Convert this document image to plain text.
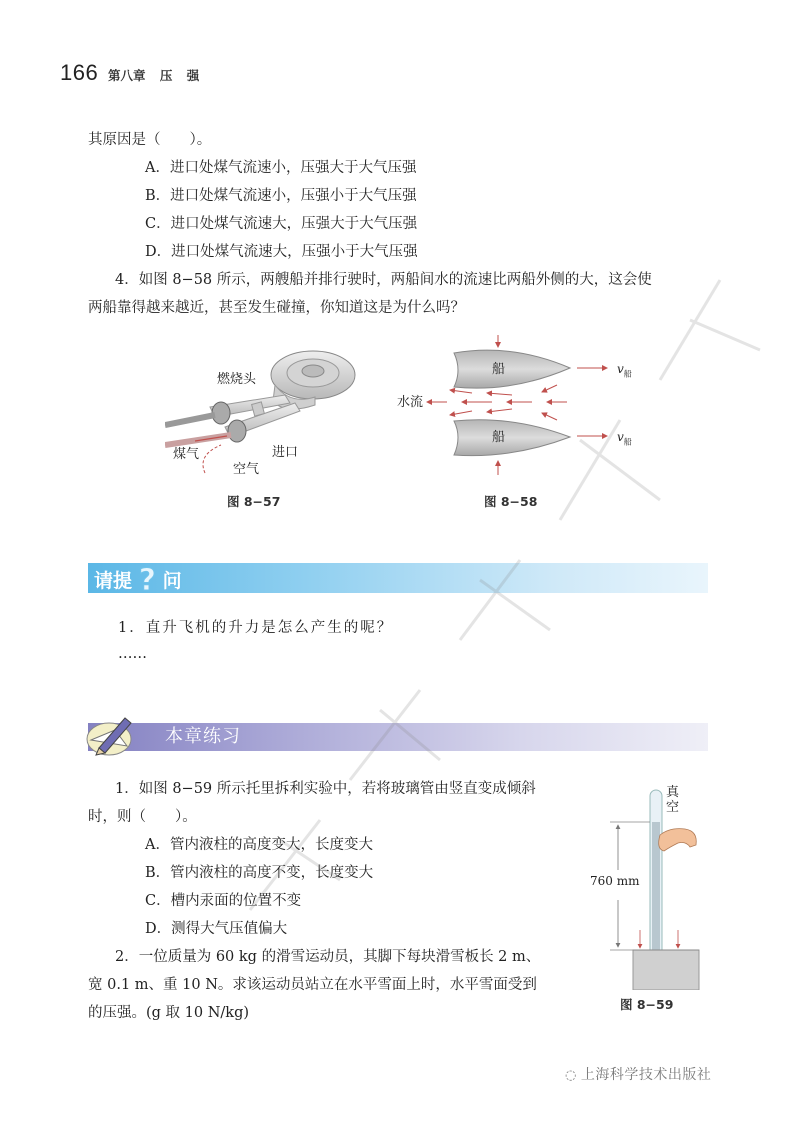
166 第八章 压 强
其原因是（　　）。
A．进口处煤气流速小，压强大于大气压强
B．进口处煤气流速小，压强小于大气压强
C．进口处煤气流速大，压强大于大气压强
D．进口处煤气流速大，压强小于大气压强
4．如图 8−58 所示，两艘船并排行驶时，两船间水的流速比两船外侧的大，这会使
两船靠得越来越近，甚至发生碰撞，你知道这是为什么吗？
燃烧头
煤气	进口
空气
图 8−57
船
船
水流
$v_船$
$v_船$
图 8−58
请提 ? 问
1．直升飞机的升力是怎么产生的呢？
……
本章练习
1．如图 8−59 所示托里拆利实验中，若将玻璃管由竖直变成倾斜
时，则（　　）。
A．管内液柱的高度变大，长度变大
B．管内液柱的高度不变，长度变大
C．槽内汞面的位置不变
D．测得大气压值偏大
2．一位质量为 60 kg 的滑雪运动员，其脚下每块滑雪板长 2 m、
宽 0.1 m、重 10 N。求该运动员站立在水平雪面上时，水平雪面受到
的压强。(g 取 10 N/kg)
真
空
760 mm
图 8−59
◌ 上海科学技术出版社
